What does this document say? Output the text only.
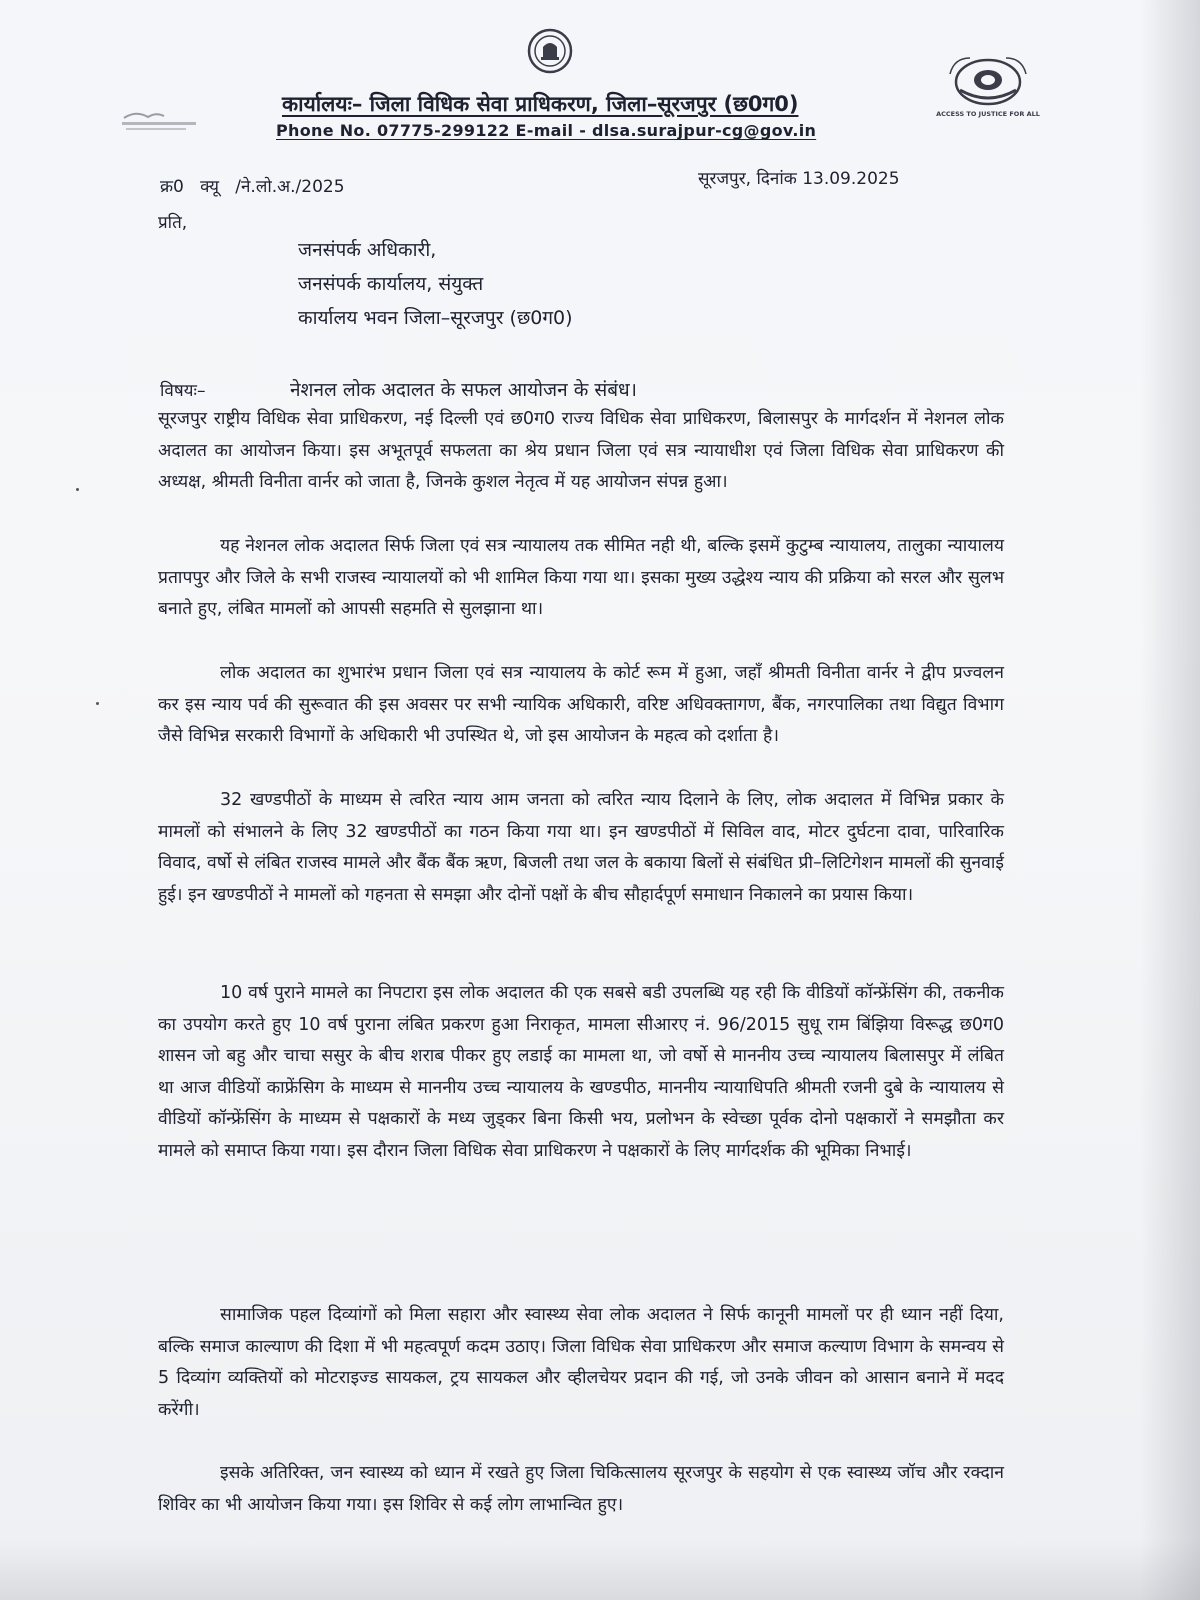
ACCESS TO JUSTICE FOR ALL
कार्यालयः– जिला विधिक सेवा प्राधिकरण, जिला–सूरजपुर (छ0ग0)
Phone No. 07775-299122 E-mail - dlsa.surajpur-cg@gov.in
क्र0   क्यू   /ने.लो.अ./2025	सूरजपुर, दिनांक 13.09.2025
प्रति,
जनसंपर्क अधिकारी,
जनसंपर्क कार्यालय, संयुक्त
कार्यालय भवन जिला–सूरजपुर (छ0ग0)
विषयः–	नेशनल लोक अदालत के सफल आयोजन के संबंध।

सूरजपुर राष्ट्रीय विधिक सेवा प्राधिकरण, नई दिल्ली एवं छ0ग0 राज्य विधिक सेवा प्राधिकरण, बिलासपुर के मार्गदर्शन में नेशनल लोक अदालत का आयोजन किया। इस अभूतपूर्व सफलता का श्रेय प्रधान जिला एवं सत्र न्यायाधीश एवं जिला विधिक सेवा प्राधिकरण की अध्यक्ष, श्रीमती विनीता वार्नर को जाता है, जिनके कुशल नेतृत्व में यह आयोजन संपन्न हुआ।

यह नेशनल लोक अदालत सिर्फ जिला एवं सत्र न्यायालय तक सीमित नही थी, बल्कि इसमें कुटुम्ब न्यायालय, तालुका न्यायालय प्रतापपुर और जिले के सभी राजस्व न्यायालयों को भी शामिल किया गया था। इसका मुख्य उद्धेश्य न्याय की प्रक्रिया को सरल और सुलभ बनाते हुए, लंबित मामलों को आपसी सहमति से सुलझाना था।

लोक अदालत का शुभारंभ प्रधान जिला एवं सत्र न्यायालय के कोर्ट रूम में हुआ, जहॉं श्रीमती विनीता वार्नर ने द्वीप प्रज्वलन कर इस न्याय पर्व की सुरूवात की इस अवसर पर सभी न्यायिक अधिकारी, वरिष्ट अधिवक्तागण, बैंक, नगरपालिका तथा विद्युत विभाग जैसे विभिन्न सरकारी विभागों के अधिकारी भी उपस्थित थे, जो इस आयोजन के महत्व को दर्शाता है।

32 खण्डपीठों के माध्यम से त्वरित न्याय आम जनता को त्वरित न्याय दिलाने के लिए, लोक अदालत में विभिन्न प्रकार के मामलों को संभालने के लिए 32 खण्डपीठों का गठन किया गया था। इन खण्डपीठों में सिविल वाद, मोटर दुर्घटना दावा, पारिवारिक विवाद, वर्षो से लंबित राजस्व मामले और बैंक बैंक ऋण, बिजली तथा जल के बकाया बिलों से संबंधित प्री–लिटिगेशन मामलों की सुनवाई हुई। इन खण्डपीठों ने मामलों को गहनता से समझा और दोनों पक्षों के बीच सौहार्दपूर्ण समाधान निकालने का प्रयास किया।

10 वर्ष पुराने मामले का निपटारा इस लोक अदालत की एक सबसे बडी उपलब्धि यह रही कि वीडियों कॉन्फ्रेंसिंग की, तकनीक का उपयोग करते हुए 10 वर्ष पुराना लंबित प्रकरण हुआ निराकृत, मामला सीआरए नं. 96/2015 सुधू राम बिंझिया विरूद्ध छ0ग0 शासन जो बहु और चाचा ससुर के बीच शराब पीकर हुए लडाई का मामला था, जो वर्षो से माननीय उच्च न्यायालय बिलासपुर में लंबित था आज वीडियों काफ्रेंसिग के माध्यम से माननीय उच्च न्यायालय के खण्डपीठ, माननीय न्यायाधिपति श्रीमती रजनी दुबे के न्यायालय से वीडियों कॉन्फ्रेंसिंग के माध्यम से पक्षकारों के मध्य जुड्कर बिना किसी भय, प्रलोभन के स्वेच्छा पूर्वक दोनो पक्षकारों ने समझौता कर मामले को समाप्त किया गया। इस दौरान जिला विधिक सेवा प्राधिकरण ने पक्षकारों के लिए मार्गदर्शक की भूमिका निभाई।

सामाजिक पहल दिव्यांगों को मिला सहारा और स्वास्थ्य सेवा लोक अदालत ने सिर्फ कानूनी मामलों पर ही ध्यान नहीं दिया, बल्कि समाज काल्याण की दिशा में भी महत्वपूर्ण कदम उठाए। जिला विधिक सेवा प्राधिकरण और समाज कल्याण विभाग के समन्वय से 5 दिव्यांग व्यक्तियों को मोटराइज्ड सायकल, ट्रय सायकल और व्हीलचेयर प्रदान की गई, जो उनके जीवन को आसान बनाने में मदद करेंगी।

इसके अतिरिक्त, जन स्वास्थ्य को ध्यान में रखते हुए जिला चिकित्सालय सूरजपुर के सहयोग से एक स्वास्थ्य जॉच और रक्दान शिविर का भी आयोजन किया गया। इस शिविर से कई लोग लाभान्वित हुए।
